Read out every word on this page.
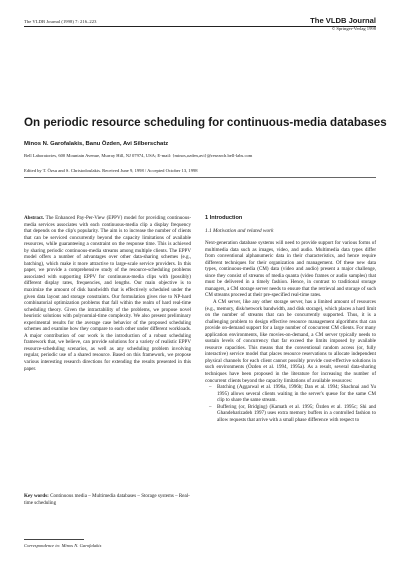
The VLDB Journal (1998) 7: 216–223	The VLDB Journal
© Springer-Verlag 1998
On periodic resource scheduling for continuous-media databases
Minos N. Garofalakis, Banu Özden, Avi Silberschatz
Bell Laboratories, 600 Mountain Avenue, Murray Hill, NJ 07974, USA; E-mail: {minos,ozden,avi}@research.bell-labs.com
Edited by T. Özsu and S. Christodoulakis. Received June 9, 1998 / Accepted October 13, 1998

Abstract. The Enhanced Pay-Per-View (EPPV) model for providing continuous-media services associates with each continuous-media clip a display frequency that depends on the clip's popularity. The aim is to increase the number of clients that can be serviced concurrently beyond the capacity limitations of available resources, while guaranteeing a constraint on the response time. This is achieved by sharing periodic continuous-media streams among multiple clients. The EPPV model offers a number of advantages over other data-sharing schemes (e.g., batching), which make it more attractive to large-scale service providers. In this paper, we provide a comprehensive study of the resource-scheduling problems associated with supporting EPPV for continuous-media clips with (possibly) different display rates, frequencies, and lengths. Our main objective is to maximize the amount of disk bandwidth that is effectively scheduled under the given data layout and storage constraints. Our formulation gives rise to NP-hard combinatorial optimization problems that fall within the realm of hard real-time scheduling theory. Given the intractability of the problems, we propose novel heuristic solutions with polynomial-time complexity. We also present preliminary experimental results for the average case behavior of the proposed scheduling schemes and examine how they compare to each other under different workloads. A major contribution of our work is the introduction of a robust scheduling framework that, we believe, can provide solutions for a variety of realistic EPPV resource-scheduling scenarios, as well as any scheduling problem involving regular, periodic use of a shared resource. Based on this framework, we propose various interesting research directions for extending the results presented in this paper.

Key words: Continuous media – Multimedia databases – Storage systems – Real-time scheduling
Correspondence to: Minos N. Garofalakis
1 Introduction
1.1 Motivation and related work

Next-generation database systems will need to provide support for various forms of multimedia data such as images, video, and audio. Multimedia data types differ from conventional alphanumeric data in their characteristics, and hence require different techniques for their organization and management. Of these new data types, continuous-media (CM) data (video and audio) present a major challenge, since they consist of streams of media quanta (video frames or audio samples) that must be delivered in a timely fashion. Hence, in contrast to traditional storage managers, a CM storage server needs to ensure that the retrieval and storage of such CM streams proceed at their pre-specified real-time rates.

A CM server, like any other storage server, has a limited amount of resources (e.g., memory, disk/network bandwidth, and disk storage), which places a hard limit on the number of streams that can be concurrently supported. Thus, it is a challenging problem to design effective resource management algorithms that can provide on-demand support for a large number of concurrent CM clients. For many application environments, like movies-on-demand, a CM server typically needs to sustain levels of concurrency that far exceed the limits imposed by available resource capacities. This means that the conventional random access (or, fully interactive) service model that places resource reservations to allocate independent physical channels for each client cannot possibly provide cost-effective solutions in such environments (Özden et al. 1994, 1995a). As a result, several data-sharing techniques have been proposed in the literature for increasing the number of concurrent clients beyond the capacity limitations of available resources:

– Batching (Aggarwal et al. 1996a, 1996b; Dan et al. 1994; Shachnai and Yu 1995) allows several clients waiting in the server's queue for the same CM clip to share the same stream.
– Buffering (or, Bridging) (Kamath et al. 1995; Özden et al. 1995c; Shi and Ghandeharizadeh 1997) uses extra memory buffers in a controlled fashion to allow requests that arrive with a small phase difference with respect to
